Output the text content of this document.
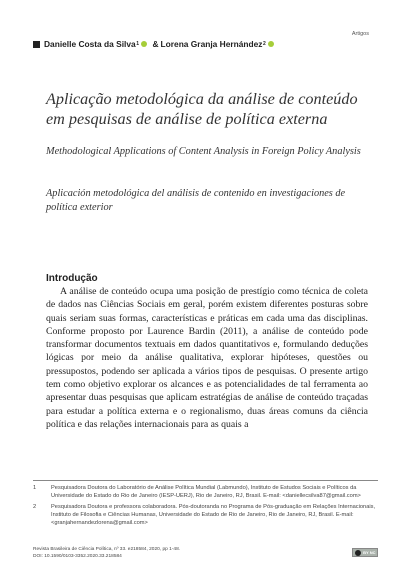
Artigos
Danielle Costa da Silva 1 & Lorena Granja Hernández 2
Aplicação metodológica da análise de conteúdo em pesquisas de análise de política externa
Methodological Applications of Content Analysis in Foreign Policy Analysis
Aplicación metodológica del análisis de contenido en investigaciones de política exterior
Introdução

A análise de conteúdo ocupa uma posição de prestígio como técnica de coleta de dados nas Ciências Sociais em geral, porém existem diferentes posturas sobre quais seriam suas formas, características e práticas em cada uma das disciplinas. Conforme proposto por Laurence Bardin (2011), a análise de conteúdo pode transformar documentos textuais em dados quantitativos e, formulando deduções lógicas por meio da análise qualitativa, explorar hipóteses, questões ou pressupostos, podendo ser aplicada a vários tipos de pesquisas. O presente artigo tem como objetivo explorar os alcances e as potencialidades de tal ferramenta ao apresentar duas pesquisas que aplicam estratégias de análise de conteúdo traçadas para estudar a política externa e o regionalismo, duas áreas comuns da ciência política e das relações internacionais para as quais a

1	Pesquisadora Doutora do Laboratório de Análise Política Mundial (Labmundo), Instituto de Estudos Sociais e Políticos da Universidade do Estado do Rio de Janeiro (IESP-UERJ), Rio de Janeiro, RJ, Brasil. E-mail: <daniellecsilva87@gmail.com>
2	Pesquisadora Doutora e professora colaboradora. Pós-doutoranda no Programa de Pós-graduação em Relações Internacionais, Instituto de Filosofia e Ciências Humanas, Universidade do Estado de Rio de Janeiro, Rio de Janeiro, RJ, Brasil. E-mail: <granjahernandezlorena@gmail.com>
Revista Brasileira de Ciência Política, nº 33. e218584, 2020, pp 1-48.
DOI: 10.1590/0103-3352.2020.33.218584
BY NC
